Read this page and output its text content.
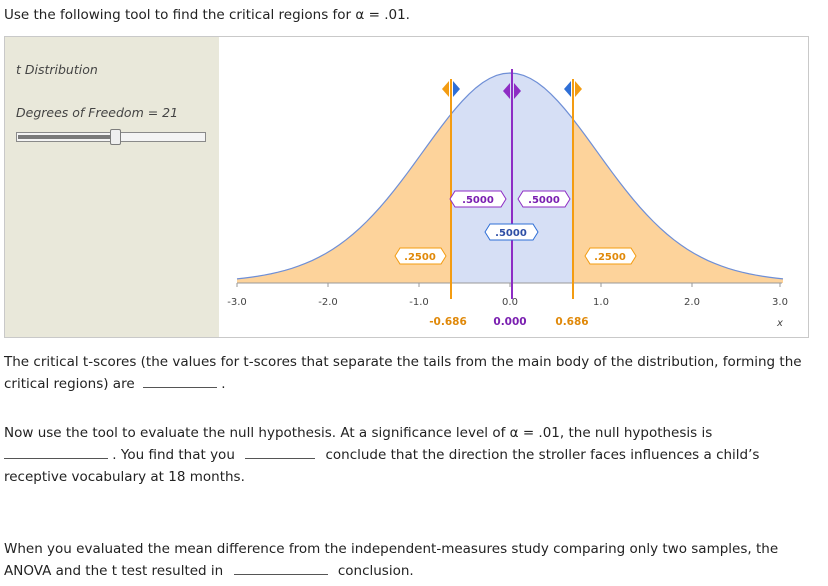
Use the following tool to find the critical regions for α = .01.
t Distribution
Degrees of Freedom = 21
-3.0	-2.0	-1.0	0.0	1.0	2.0	3.0
x
-0.686	0.000	0.686
.5000	.5000
.5000
.2500	.2500
The critical t-scores (the values for t-scores that separate the tails from the main body of the distribution, forming the critical regions) are	.
Now use the tool to evaluate the null hypothesis. At a significance level of α = .01, the null hypothesis is
. You find that you	conclude that the direction the stroller faces influences a child’s
receptive vocabulary at 18 months.
When you evaluated the mean difference from the independent-measures study comparing only two samples, the
ANOVA and the t test resulted in	conclusion.
